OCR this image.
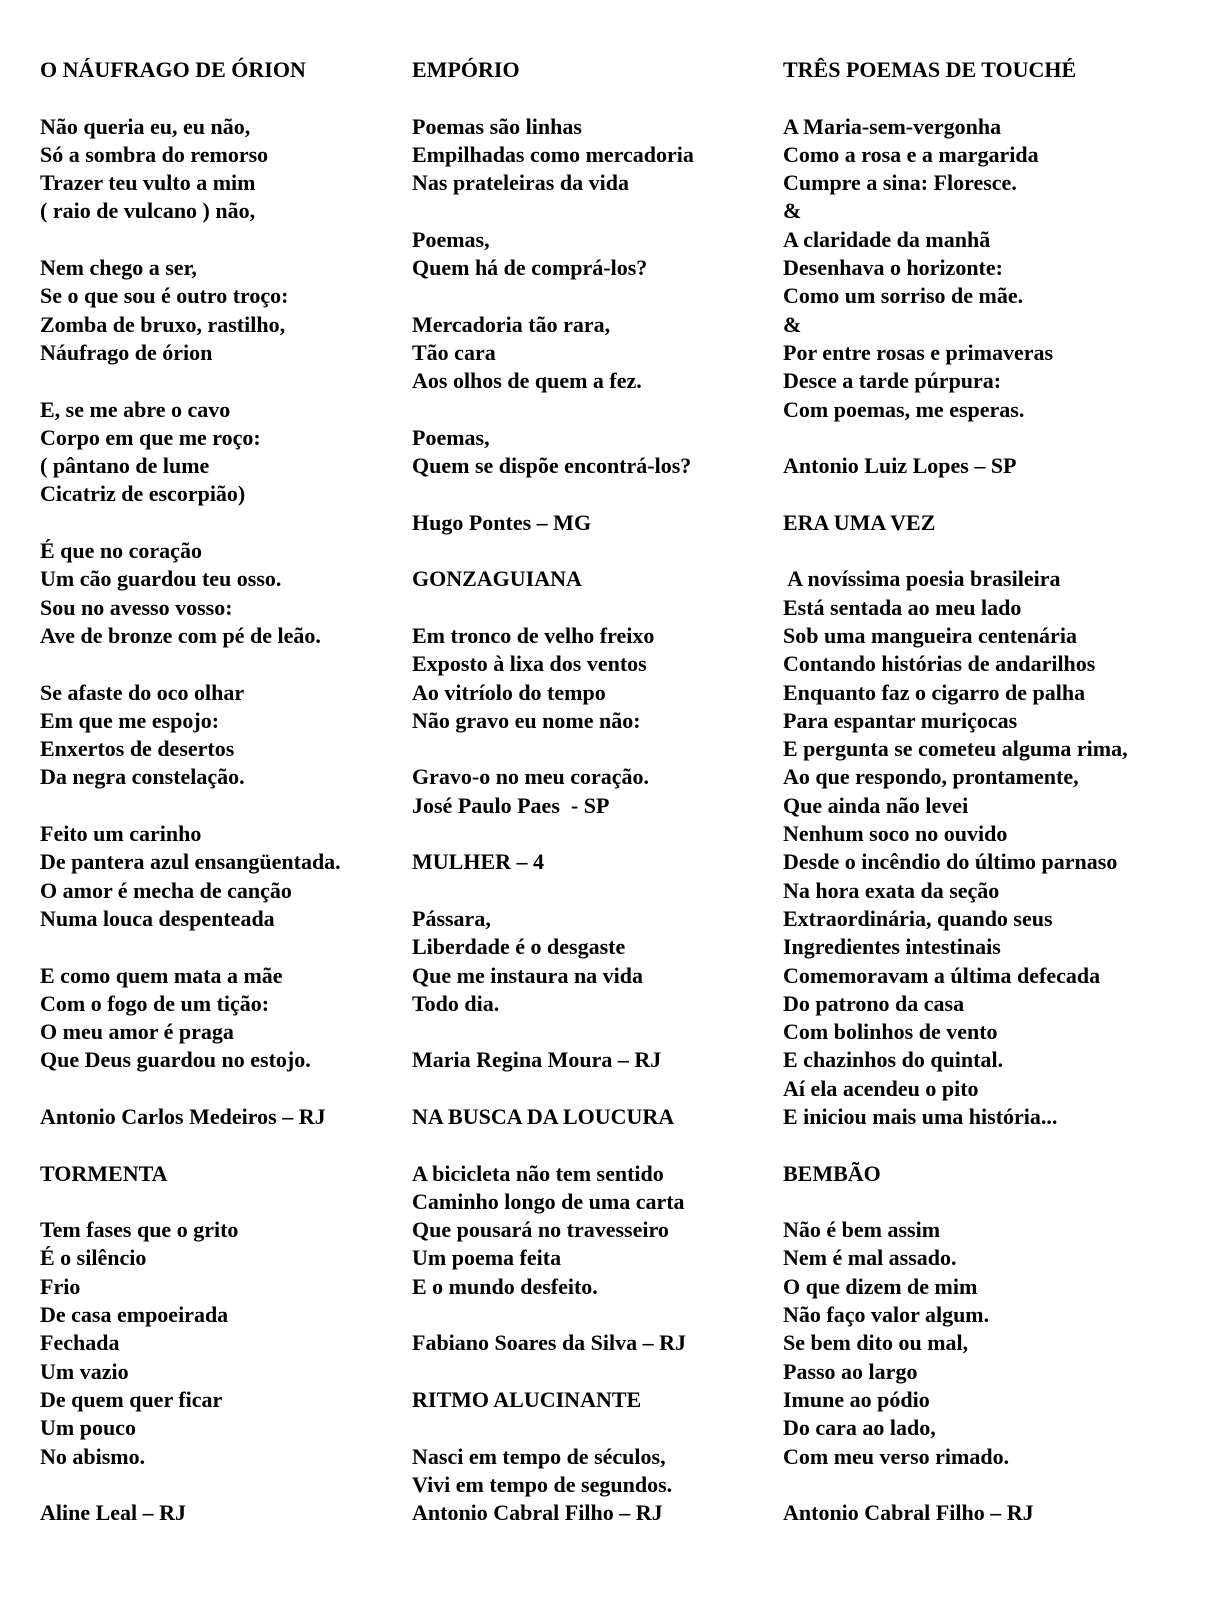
O NÁUFRAGO DE ÓRION
Não queria eu, eu não,
Só a sombra do remorso
Trazer teu vulto a mim
( raio de vulcano ) não,
Nem chego a ser,
Se o que sou é outro troço:
Zomba de bruxo, rastilho,
Náufrago de órion
E, se me abre o cavo
Corpo em que me roço:
( pântano de lume
Cicatriz de escorpião)
É que no coração
Um cão guardou teu osso.
Sou no avesso vosso:
Ave de bronze com pé de leão.
Se afaste do oco olhar
Em que me espojo:
Enxertos de desertos
Da negra constelação.
Feito um carinho
De pantera azul ensangüentada.
O amor é mecha de canção
Numa louca despenteada
E como quem mata a mãe
Com o fogo de um tição:
O meu amor é praga
Que Deus guardou no estojo.
Antonio Carlos Medeiros – RJ
TORMENTA
Tem fases que o grito
É o silêncio
Frio
De casa empoeirada
Fechada
Um vazio
De quem quer ficar
Um pouco
No abismo.
Aline Leal – RJ
EMPÓRIO
Poemas são linhas
Empilhadas como mercadoria
Nas prateleiras da vida
Poemas,
Quem há de comprá-los?
Mercadoria tão rara,
Tão cara
Aos olhos de quem a fez.
Poemas,
Quem se dispõe encontrá-los?
Hugo Pontes – MG
GONZAGUIANA
Em tronco de velho freixo
Exposto à lixa dos ventos
Ao vitríolo do tempo
Não gravo eu nome não:
Gravo-o no meu coração.
José Paulo Paes  - SP
MULHER – 4
Pássara,
Liberdade é o desgaste
Que me instaura na vida
Todo dia.
Maria Regina Moura – RJ
NA BUSCA DA LOUCURA
A bicicleta não tem sentido
Caminho longo de uma carta
Que pousará no travesseiro
Um poema feita
E o mundo desfeito.
Fabiano Soares da Silva – RJ
RITMO ALUCINANTE
Nasci em tempo de séculos,
Vivi em tempo de segundos.
Antonio Cabral Filho – RJ
TRÊS POEMAS DE TOUCHÉ
A Maria-sem-vergonha
Como a rosa e a margarida
Cumpre a sina: Floresce.
&
A claridade da manhã
Desenhava o horizonte:
Como um sorriso de mãe.
&
Por entre rosas e primaveras
Desce a tarde púrpura:
Com poemas, me esperas.
Antonio Luiz Lopes – SP
ERA UMA VEZ
A novíssima poesia brasileira
Está sentada ao meu lado
Sob uma mangueira centenária
Contando histórias de andarilhos
Enquanto faz o cigarro de palha
Para espantar muriçocas
E pergunta se cometeu alguma rima,
Ao que respondo, prontamente,
Que ainda não levei
Nenhum soco no ouvido
Desde o incêndio do último parnaso
Na hora exata da seção
Extraordinária, quando seus
Ingredientes intestinais
Comemoravam a última defecada
Do patrono da casa
Com bolinhos de vento
E chazinhos do quintal.
Aí ela acendeu o pito
E iniciou mais uma história...
BEMBÃO
Não é bem assim
Nem é mal assado.
O que dizem de mim
Não faço valor algum.
Se bem dito ou mal,
Passo ao largo
Imune ao pódio
Do cara ao lado,
Com meu verso rimado.
Antonio Cabral Filho – RJ
